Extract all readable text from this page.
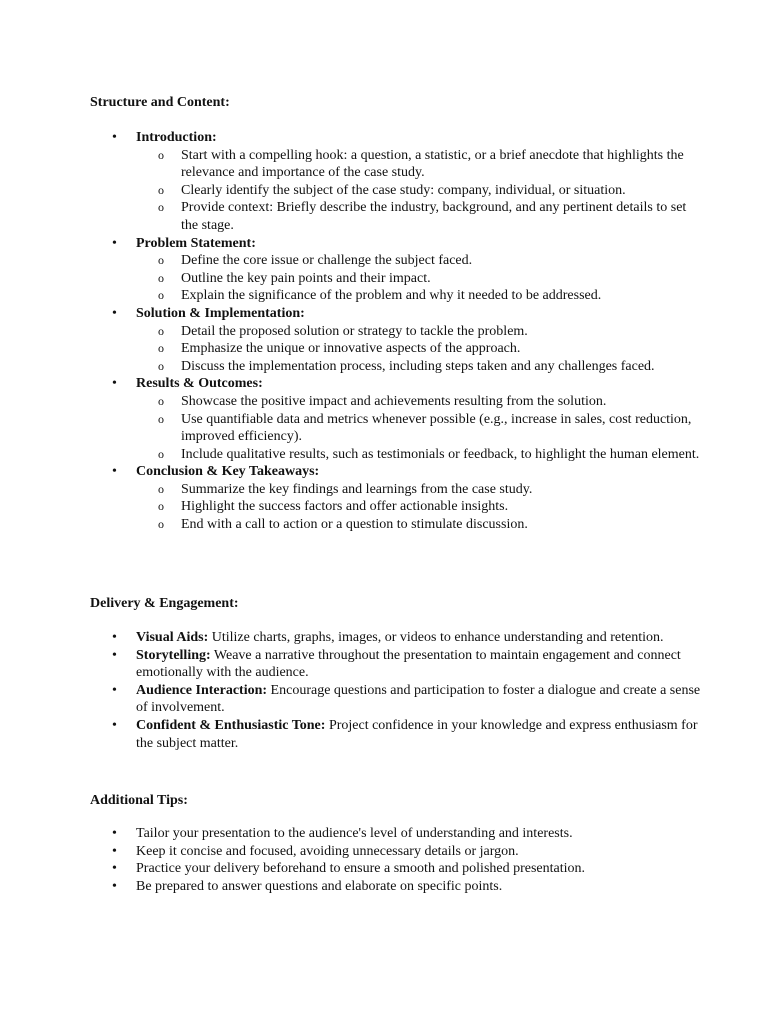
Structure and Content:
•	Introduction:
o Start with a compelling hook: a question, a statistic, or a brief anecdote that highlights the relevance and importance of the case study.
o Clearly identify the subject of the case study: company, individual, or situation.
o Provide context: Briefly describe the industry, background, and any pertinent details to set the stage.
•	Problem Statement:
o Define the core issue or challenge the subject faced.
o Outline the key pain points and their impact.
o Explain the significance of the problem and why it needed to be addressed.
•	Solution & Implementation:
o Detail the proposed solution or strategy to tackle the problem.
o Emphasize the unique or innovative aspects of the approach.
o Discuss the implementation process, including steps taken and any challenges faced.
•	Results & Outcomes:
o Showcase the positive impact and achievements resulting from the solution.
o Use quantifiable data and metrics whenever possible (e.g., increase in sales, cost reduction, improved efficiency).
o Include qualitative results, such as testimonials or feedback, to highlight the human element.
•	Conclusion & Key Takeaways:
o Summarize the key findings and learnings from the case study.
o Highlight the success factors and offer actionable insights.
o End with a call to action or a question to stimulate discussion.
Delivery & Engagement:
•	Visual Aids: Utilize charts, graphs, images, or videos to enhance understanding and retention.
•	Storytelling: Weave a narrative throughout the presentation to maintain engagement and connect emotionally with the audience.
•	Audience Interaction: Encourage questions and participation to foster a dialogue and create a sense of involvement.
•	Confident & Enthusiastic Tone: Project confidence in your knowledge and express enthusiasm for the subject matter.
Additional Tips:
•	Tailor your presentation to the audience's level of understanding and interests.
•	Keep it concise and focused, avoiding unnecessary details or jargon.
•	Practice your delivery beforehand to ensure a smooth and polished presentation.
•	Be prepared to answer questions and elaborate on specific points.
